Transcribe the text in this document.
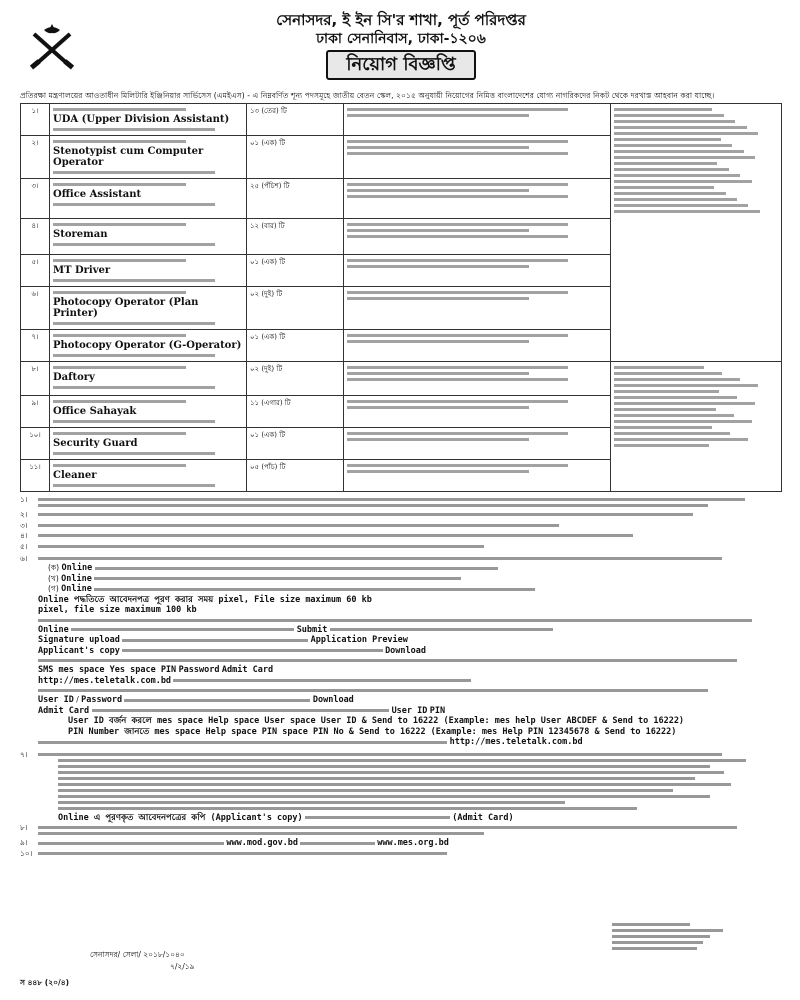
সেনাসদর, ই ইন সি'র শাখা, পূর্ত পরিদপ্তর
ঢাকা সেনানিবাস, ঢাকা-১২০৬
নিয়োগ বিজ্ঞপ্তি
প্রতিরক্ষা মন্ত্রণালয়ের আওতাধীন মিলিটারি ইঞ্জিনিয়ার সার্ভিসেস (এমইএস) - এ নিম্নবর্ণিত শূন্য পদসমূহে জাতীয় বেতন স্কেল, ২০১৫ অনুযায়ী নিয়োগের নিমিত্ত বাংলাদেশের যোগ্য নাগরিকদের নিকট থেকে দরখাস্ত আহবান করা যাচ্ছে।
১।	UDA (Upper Division Assistant)	১৩ (তের) টি	

২।	Stenotypist cum Computer Operator	০১ (এক) টি		

৩।	Office Assistant	২৫ (পঁচিশ) টি		

৪।	Storeman	১২ (বার) টি		

৫।	MT Driver	০১ (এক) টি		

৬।	Photocopy Operator (Plan Printer)	০২ (দুই) টি		

৭।	Photocopy Operator (G-Operator)	০১ (এক) টি		

৮।	Daftory	০২ (দুই) টি	

৯।	Office Sahayak	১১ (এগার) টি		

১০।	Security Guard	০১ (এক) টি		

১১।	Cleaner	০৫ (পাঁচ) টি		
১।
২।
৩।
৪।
৫।
৬।
(ক) Online
(খ) Online
(গ) Online
Online পদ্ধতিতে আবেদনপত্র পূরণ করার সময় pixel, File size maximum 60 kb
pixel, file size maximum 100 kb
Online	Submit
Signature upload	Application Preview
Applicant's copy	Download
SMS mes space Yes space PIN Password Admit Card
http://mes.teletalk.com.bd
User ID / Password	Download
Admit Card	User ID PIN
User ID বর্জন করলে mes space Help space User space User ID & Send to 16222 (Example: mes help User ABCDEF & Send to 16222)
PIN Number জানতে mes space Help space PIN space PIN No & Send to 16222 (Example: mes Help PIN 12345678 & Send to 16222)
http://mes.teletalk.com.bd
৭।
Online এ পূরণকৃত আবেদনপত্রের কপি (Applicant's copy)	(Admit Card)
৮।
৯।	www.mod.gov.bd	www.mes.org.bd
১০।
সেনাসদর/ সেলা/ ২০১৮/১০৪০
৭/২/১৯
স ৪৪৮ (২০/৪)
